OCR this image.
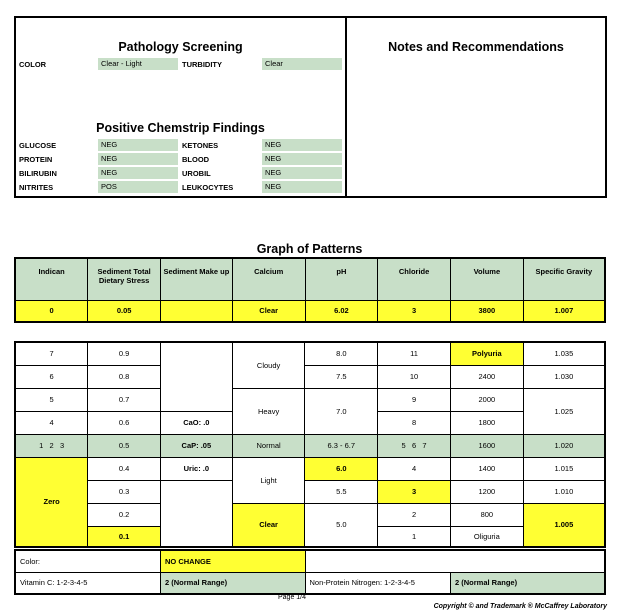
Pathology Screening
COLOR	Clear - Light	TURBIDITY	Clear
Positive Chemstrip Findings
GLUCOSE	NEG	KETONES	NEG
PROTEIN	NEG	BLOOD	NEG
BILIRUBIN	NEG	UROBIL	NEG
NITRITES	POS	LEUKOCYTES	NEG
Notes and Recommendations
Graph of Patterns
Indican	Sediment Total Dietary Stress	Sediment Make up	Calcium	pH	Chloride	Volume	Specific Gravity
0	0.05		Clear	6.02	3	3800	1.007
7	0.9		Cloudy	8.0	11	Polyuria	1.035
6	0.8			7.5	10	2400	1.030
5	0.7		Heavy	7.0	9	2000	1.025
4	0.6	CaO: .0			8	1800	
1   2   3	0.5	CaP: .05	Normal	6.3 - 6.7	5   6   7	1600	1.020
Zero	0.4	Uric: .0	Light	6.0	4	1400	1.015
	0.3			5.5	3	1200	1.010
	0.2		Clear	5.0	2	800	1.005
	0.1				1	Oliguria	
Color:	NO CHANGE		
Vitamin C: 1-2-3-4-5	2 (Normal Range)	Non-Protein Nitrogen: 1-2-3-4-5	2 (Normal Range)
Page 1/4
Copyright © and Trademark ® McCaffrey Laboratory
